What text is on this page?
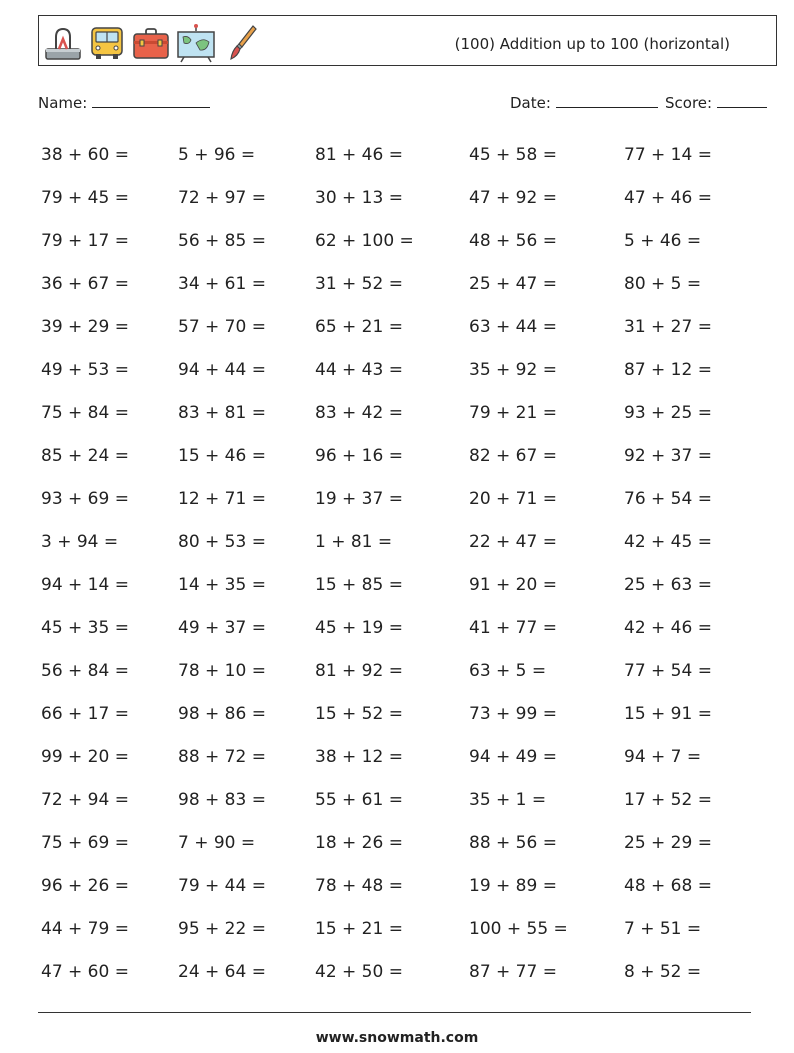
(100) Addition up to 100 (horizontal)
Name:	Date:	Score:
38 + 60 =	5 + 96 =	81 + 46 =	45 + 58 =	77 + 14 =
79 + 45 =	72 + 97 =	30 + 13 =	47 + 92 =	47 + 46 =
79 + 17 =	56 + 85 =	62 + 100 =	48 + 56 =	5 + 46 =
36 + 67 =	34 + 61 =	31 + 52 =	25 + 47 =	80 + 5 =
39 + 29 =	57 + 70 =	65 + 21 =	63 + 44 =	31 + 27 =
49 + 53 =	94 + 44 =	44 + 43 =	35 + 92 =	87 + 12 =
75 + 84 =	83 + 81 =	83 + 42 =	79 + 21 =	93 + 25 =
85 + 24 =	15 + 46 =	96 + 16 =	82 + 67 =	92 + 37 =
93 + 69 =	12 + 71 =	19 + 37 =	20 + 71 =	76 + 54 =
3 + 94 =	80 + 53 =	1 + 81 =	22 + 47 =	42 + 45 =
94 + 14 =	14 + 35 =	15 + 85 =	91 + 20 =	25 + 63 =
45 + 35 =	49 + 37 =	45 + 19 =	41 + 77 =	42 + 46 =
56 + 84 =	78 + 10 =	81 + 92 =	63 + 5 =	77 + 54 =
66 + 17 =	98 + 86 =	15 + 52 =	73 + 99 =	15 + 91 =
99 + 20 =	88 + 72 =	38 + 12 =	94 + 49 =	94 + 7 =
72 + 94 =	98 + 83 =	55 + 61 =	35 + 1 =	17 + 52 =
75 + 69 =	7 + 90 =	18 + 26 =	88 + 56 =	25 + 29 =
96 + 26 =	79 + 44 =	78 + 48 =	19 + 89 =	48 + 68 =
44 + 79 =	95 + 22 =	15 + 21 =	100 + 55 =	7 + 51 =
47 + 60 =	24 + 64 =	42 + 50 =	87 + 77 =	8 + 52 =
www.snowmath.com
